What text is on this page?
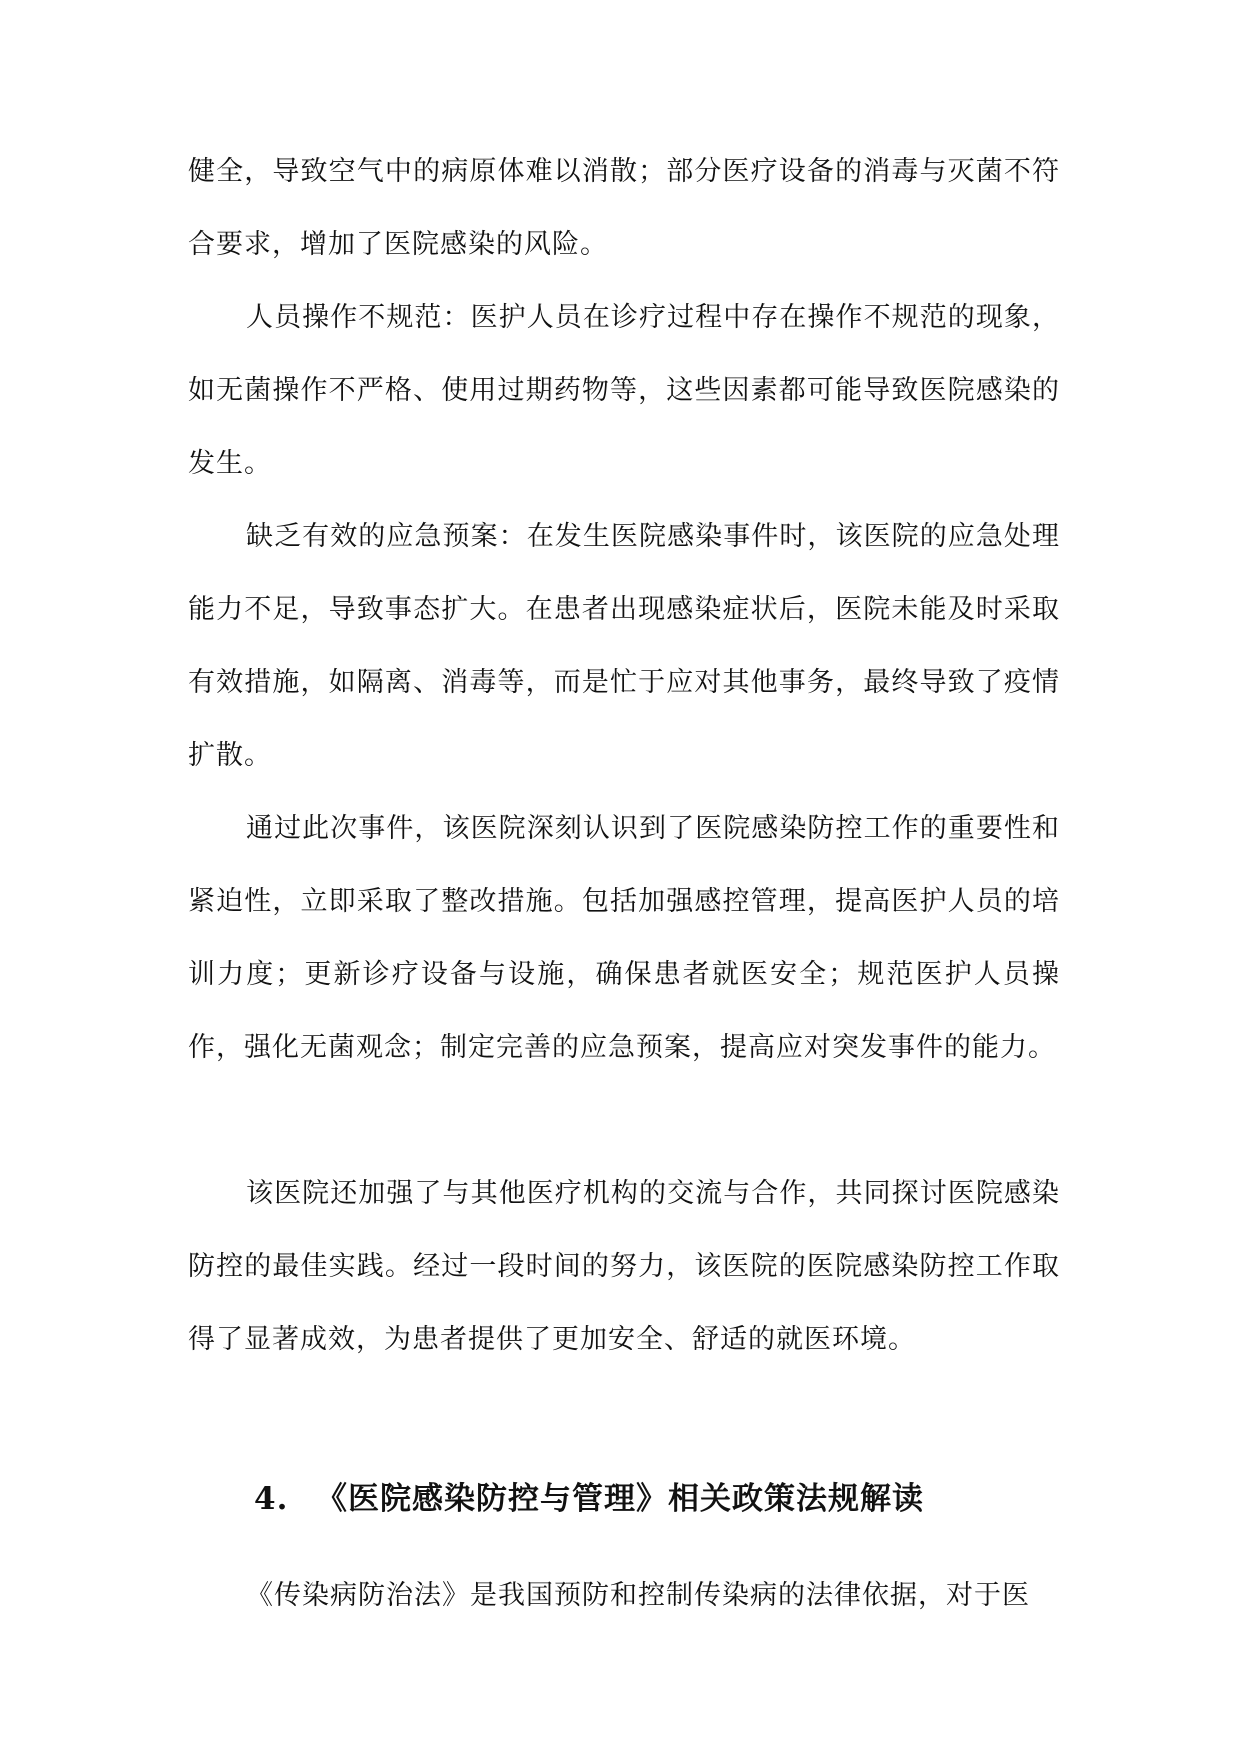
健全，导致空气中的病原体难以消散；部分医疗设备的消毒与灭菌不符合要求，增加了医院感染的风险。

人员操作不规范：医护人员在诊疗过程中存在操作不规范的现象，如无菌操作不严格、使用过期药物等，这些因素都可能导致医院感染的发生。

缺乏有效的应急预案：在发生医院感染事件时，该医院的应急处理能力不足，导致事态扩大。在患者出现感染症状后，医院未能及时采取有效措施，如隔离、消毒等，而是忙于应对其他事务，最终导致了疫情扩散。

通过此次事件，该医院深刻认识到了医院感染防控工作的重要性和紧迫性，立即采取了整改措施。包括加强感控管理，提高医护人员的培训力度；更新诊疗设备与设施，确保患者就医安全；规范医护人员操作，强化无菌观念；制定完善的应急预案，提高应对突发事件的能力。

该医院还加强了与其他医疗机构的交流与合作，共同探讨医院感染防控的最佳实践。经过一段时间的努力，该医院的医院感染防控工作取得了显著成效，为患者提供了更加安全、舒适的就医环境。

4. 《医院感染防控与管理》相关政策法规解读

《传染病防治法》是我国预防和控制传染病的法律依据，对于医
